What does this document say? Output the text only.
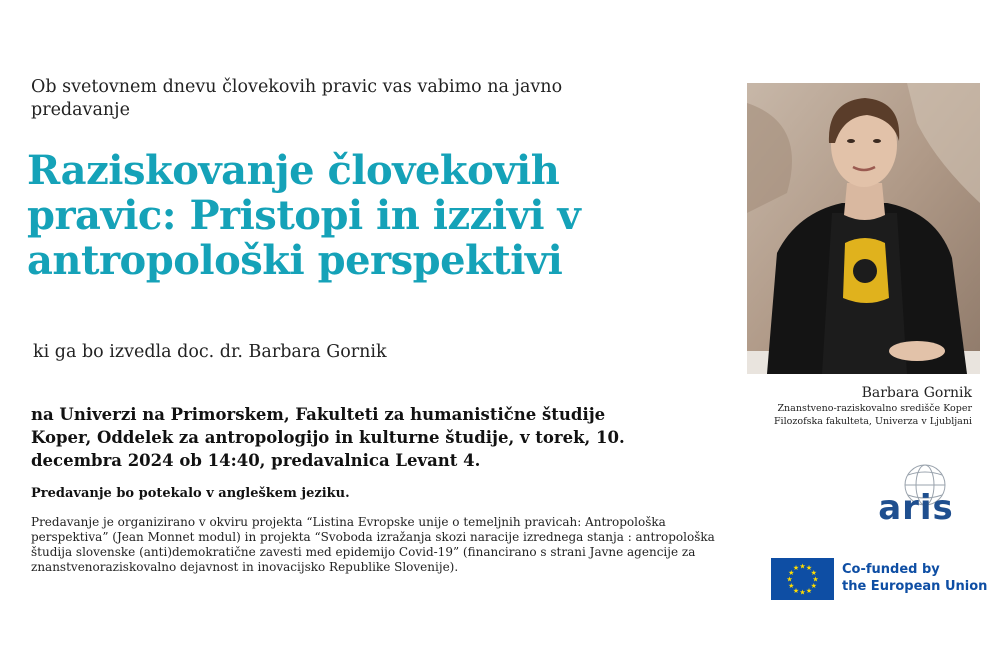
Ob svetovnem dnevu človekovih pravic vas vabimo na javno predavanje
Raziskovanje človekovih
pravic: Pristopi in izzivi v
antropološki perspektivi
ki ga bo izvedla doc. dr. Barbara Gornik
na Univerzi na Primorskem, Fakulteti za humanistične študije Koper, Oddelek za antropologijo in kulturne študije, v torek, 10. decembra 2024 ob 14:40, predavalnica Levant 4.
Predavanje bo potekalo v angleškem jeziku.
Predavanje je organizirano v okviru projekta “Listina Evropske unije o temeljnih pravicah: Antropološka perspektiva” (Jean Monnet modul) in projekta “Svoboda izražanja skozi naracije izrednega stanja : antropološka študija slovenske (anti)demokratične zavesti med epidemijo Covid-19” (financirano s strani Javne agencije za znanstvenoraziskovalno dejavnost in inovacijsko Republike Slovenije).
Barbara Gornik
Znanstveno-raziskovalno središče Koper
Filozofska fakulteta, Univerza v Ljubljani
aris
★ ★
★
★
★
★
★
★
★
★
★
★	Co-funded by
the European Union
